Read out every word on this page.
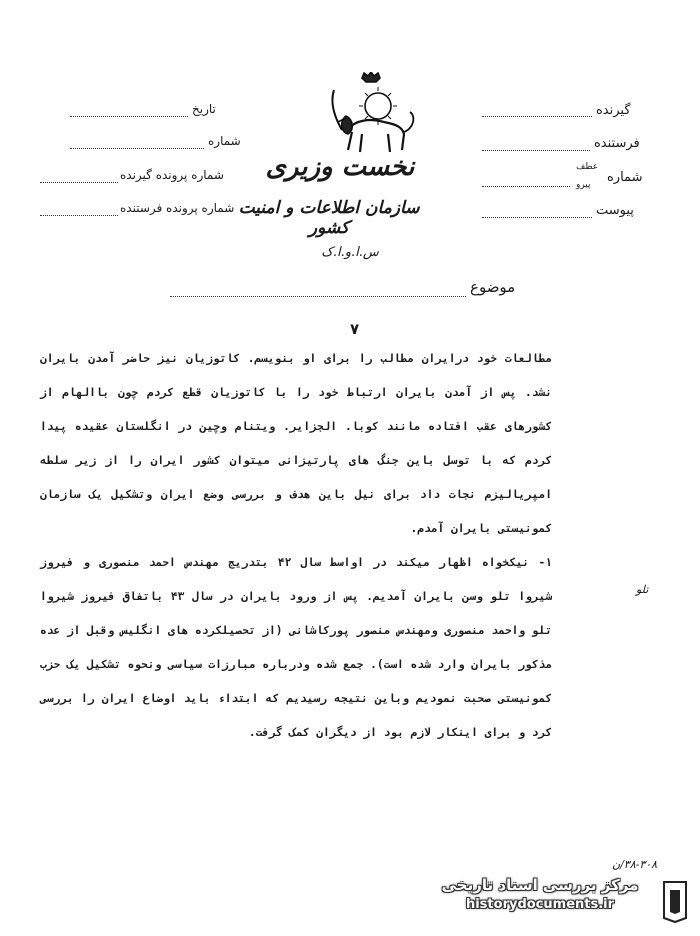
تاریخ
شماره
شماره پرونده گیرنده
شماره پرونده فرستنده
گیرنده
فرستنده
شماره
عطف
پیرو
پیوست
نخست وزیری
سازمان اطلاعات و امنیت کشور
س.ا.و.ا.ک
موضوع
۷

مطالعات خود درایران مطالب را برای او بنویسم. کاتوزیان نیز حاضر آمدن بایران نشد. پس از آمدن بایران ارتباط خود را با کاتوزیان قطع کردم چون باالهام از کشورهای عقب افتاده مانند کوبا. الجزایر. ویتنام وچین در انگلستان عقیده پیدا کردم که با توسل باین جنگ های پارتیزانی میتوان کشور ایران را از زیر سلطه امپریالیزم نجات داد برای نیل باین هدف و بررسی وضع ایران وتشکیل یک سازمان کمونیستی بایران آمدم.

۱- نیکخواه اظهار میکند در اواسط سال ۴۲ بتدریج مهندس احمد منصوری و فیروز شیروا تلو وسن بایران آمدیم. پس از ورود بایران در سال ۴۳ باتفاق فیروز شیروا تلو واحمد منصوری ومهندس منصور پورکاشانی (از تحصیلکرده های انگلیس وقبل از عده مذکور بایران وارد شده است). جمع شده ودرباره مبارزات سیاسی ونحوه تشکیل یک حزب کمونیستی صحبت نمودیم وباین نتیجه رسیدیم که ابتداء باید اوضاع ایران را بررسی کرد و برای اینکار لازم بود از دیگران کمک گرفت.

تلو
۳۸-۳۰۸/ن
مرکز بررسی اسناد تاریخی
historydocuments.ir
